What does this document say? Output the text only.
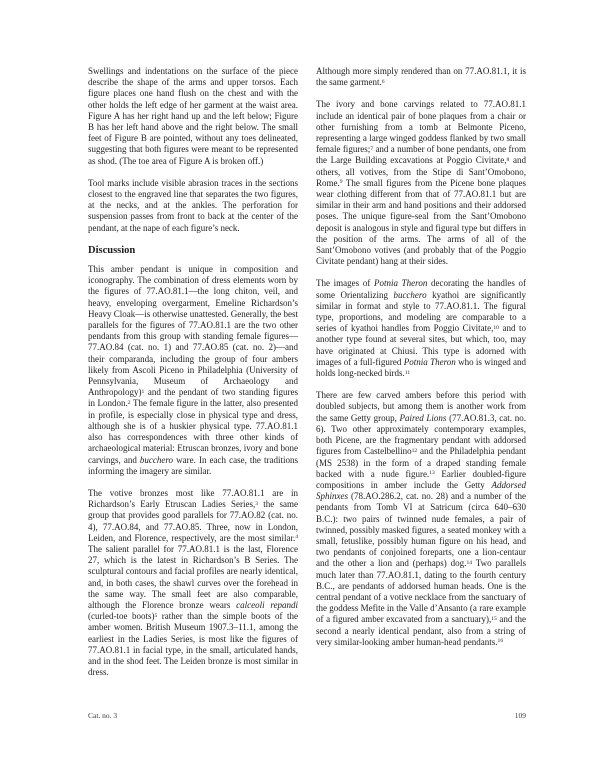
Swellings and indentations on the surface of the piece describe the shape of the arms and upper torsos. Each figure places one hand flush on the chest and with the other holds the left edge of her garment at the waist area. Figure A has her right hand up and the left below; Figure B has her left hand above and the right below. The small feet of Figure B are pointed, without any toes delineated, suggesting that both figures were meant to be represented as shod. (The toe area of Figure A is broken off.)

Tool marks include visible abrasion traces in the sections closest to the engraved line that separates the two figures, at the necks, and at the ankles. The perforation for suspension passes from front to back at the center of the pendant, at the nape of each figure’s neck.

Discussion

This amber pendant is unique in composition and iconography. The combination of dress elements worn by the figures of 77.AO.81.1—the long chiton, veil, and heavy, enveloping overgarment, Emeline Richardson’s Heavy Cloak—is otherwise unattested. Generally, the best parallels for the figures of 77.AO.81.1 are the two other pendants from this group with standing female figures—77.AO.84 (cat. no. 1) and 77.AO.85 (cat. no. 2)—and their comparanda, including the group of four ambers likely from Ascoli Piceno in Philadelphia (University of Pennsylvania, Museum of Archaeology and Anthropology)$^1$ and the pendant of two standing figures in London.$^2$ The female figure in the latter, also presented in profile, is especially close in physical type and dress, although she is of a huskier physical type. 77.AO.81.1 also has correspondences with three other kinds of archaeological material: Etruscan bronzes, ivory and bone carvings, and bucchero ware. In each case, the traditions informing the imagery are similar.

The votive bronzes most like 77.AO.81.1 are in Richardson’s Early Etruscan Ladies Series,$^3$ the same group that provides good parallels for 77.AO.82 (cat. no. 4), 77.AO.84, and 77.AO.85. Three, now in London, Leiden, and Florence, respectively, are the most similar.$^4$ The salient parallel for 77.AO.81.1 is the last, Florence 27, which is the latest in Richardson’s B Series. The sculptural contours and facial profiles are nearly identical, and, in both cases, the shawl curves over the forehead in the same way. The small feet are also comparable, although the Florence bronze wears calceoli repandi (curled-toe boots)$^5$ rather than the simple boots of the amber women. British Museum 1907.3–11.1, among the earliest in the Ladies Series, is most like the figures of 77.AO.81.1 in facial type, in the small, articulated hands, and in the shod feet. The Leiden bronze is most similar in dress.

Although more simply rendered than on 77.AO.81.1, it is the same garment.$^6$

The ivory and bone carvings related to 77.AO.81.1 include an identical pair of bone plaques from a chair or other furnishing from a tomb at Belmonte Piceno, representing a large winged goddess flanked by two small female figures;$^7$ and a number of bone pendants, one from the Large Building excavations at Poggio Civitate,$^8$ and others, all votives, from the Stipe di Sant’Omobono, Rome.$^9$ The small figures from the Picene bone plaques wear clothing different from that of 77.AO.81.1 but are similar in their arm and hand positions and their addorsed poses. The unique figure-seal from the Sant’Omobono deposit is analogous in style and figural type but differs in the position of the arms. The arms of all of the Sant’Omobono votives (and probably that of the Poggio Civitate pendant) hang at their sides.

The images of Potnia Theron decorating the handles of some Orientalizing bucchero kyathoi are significantly similar in format and style to 77.AO.81.1. The figural type, proportions, and modeling are comparable to a series of kyathoi handles from Poggio Civitate,$^{10}$ and to another type found at several sites, but which, too, may have originated at Chiusi. This type is adorned with images of a full-figured Potnia Theron who is winged and holds long-necked birds.$^{11}$

There are few carved ambers before this period with doubled subjects, but among them is another work from the same Getty group, Paired Lions (77.AO.81.3, cat. no. 6). Two other approximately contemporary examples, both Picene, are the fragmentary pendant with addorsed figures from Castelbellino$^{12}$ and the Philadelphia pendant (MS 2538) in the form of a draped standing female backed with a nude figure.$^{13}$ Earlier doubled-figure compositions in amber include the Getty Addorsed Sphinxes (78.AO.286.2, cat. no. 28) and a number of the pendants from Tomb VI at Satricum (circa 640–630 B.C.): two pairs of twinned nude females, a pair of twinned, possibly masked figures, a seated monkey with a small, fetuslike, possibly human figure on his head, and two pendants of conjoined foreparts, one a lion-centaur and the other a lion and (perhaps) dog.$^{14}$ Two parallels much later than 77.AO.81.1, dating to the fourth century B.C., are pendants of addorsed human heads. One is the central pendant of a votive necklace from the sanctuary of the goddess Mefite in the Valle d’Ansanto (a rare example of a figured amber excavated from a sanctuary),$^{15}$ and the second a nearly identical pendant, also from a string of very similar-looking amber human-head pendants.$^{16}$

Cat. no. 3	109
